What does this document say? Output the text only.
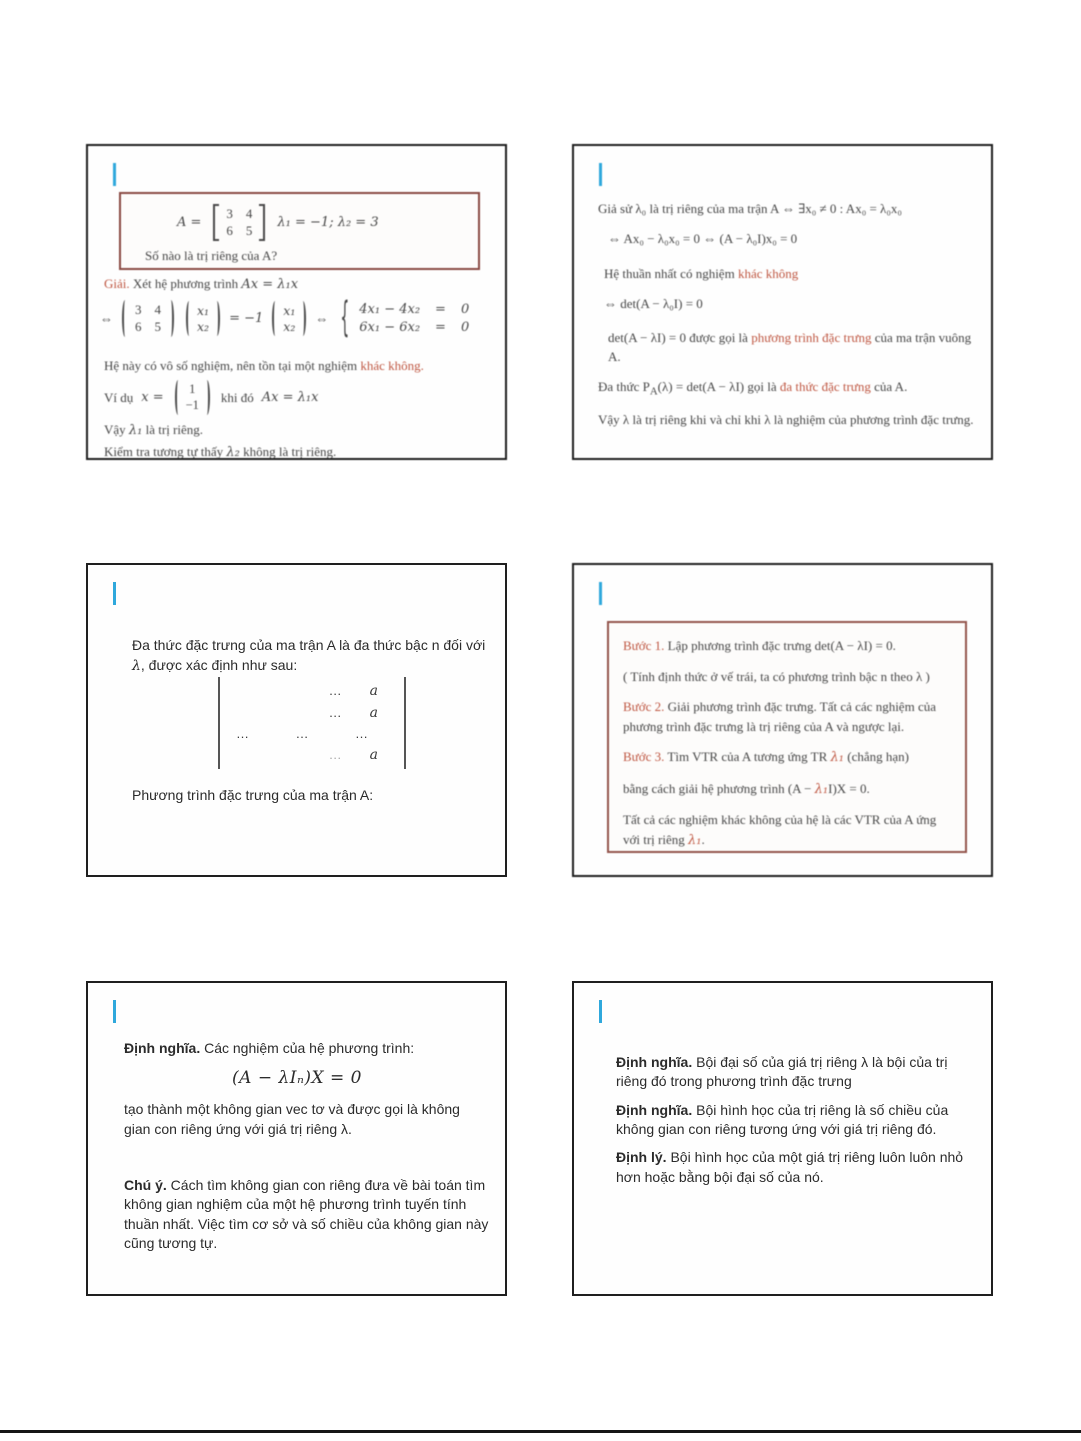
A =
3 4
6 5
λ₁ = −1; λ₂ = 3
Số nào là trị riêng của A?
Giải. Xét hệ phương trình Ax = λ₁x
⇔
3 4
6 5
x₁
x₂
= −1
x₁
x₂
⇔ { 4x₁ − 4x₂ = 0
6x₁ − 6x₂ = 0
Hệ này có vô số nghiệm, nên tồn tại một nghiệm khác không.
Ví dụ x =
1
−1
khi đó Ax = λ₁x
Vậy λ₁ là trị riêng.
Kiểm tra tương tự thấy λ₂ không là trị riêng.

Giả sử λ₀ là trị riêng của ma trận A ⇔ ∃x₀ ≠ 0 : Ax₀ = λ₀x₀

⇔ Ax₀ − λ₀x₀ = 0 ⇔ (A − λ₀I)x₀ = 0

Hệ thuần nhất có nghiệm khác không

⇔ det(A − λ₀I) = 0

det(A − λI) = 0 được gọi là phương trình đặc trưng của ma trận vuông A.

Đa thức $P_A(\lambda) = \det(A - \lambda I)$ gọi là đa thức đặc trưng của A.

Vậy λ là trị riêng khi và chỉ khi λ là nghiệm của phương trình đặc trưng.

Đa thức đặc trưng của ma trận A là đa thức bậc n đối với λ, được xác định như sau:
… a
… a
…	…	…
… a
Phương trình đặc trưng của ma trận A:

Bước 1. Lập phương trình đặc trưng det(A − λI) = 0.

( Tính định thức ở vế trái, ta có phương trình bậc n theo λ )

Bước 2. Giải phương trình đặc trưng. Tất cả các nghiệm của phương trình đặc trưng là trị riêng của A và ngược lại.

Bước 3. Tìm VTR của A tương ứng TR λ₁ (chẳng hạn)

bằng cách giải hệ phương trình (A − λ₁I)X = 0.

Tất cả các nghiệm khác không của hệ là các VTR của A ứng với trị riêng λ₁.

Định nghĩa. Các nghiệm của hệ phương trình:

(A − λIₙ)X = 0

tạo thành một không gian vec tơ và được gọi là không gian con riêng ứng với giá trị riêng λ.

Chú ý. Cách tìm không gian con riêng đưa về bài toán tìm không gian nghiệm của một hệ phương trình tuyến tính thuần nhất. Việc tìm cơ sở và số chiều của không gian này cũng tương tự.

Định nghĩa. Bội đại số của giá trị riêng λ là bội của trị riêng đó trong phương trình đặc trưng

Định nghĩa. Bội hình học của trị riêng là số chiều của không gian con riêng tương ứng với giá trị riêng đó.

Định lý. Bội hình học của một giá trị riêng luôn luôn nhỏ hơn hoặc bằng bội đại số của nó.
